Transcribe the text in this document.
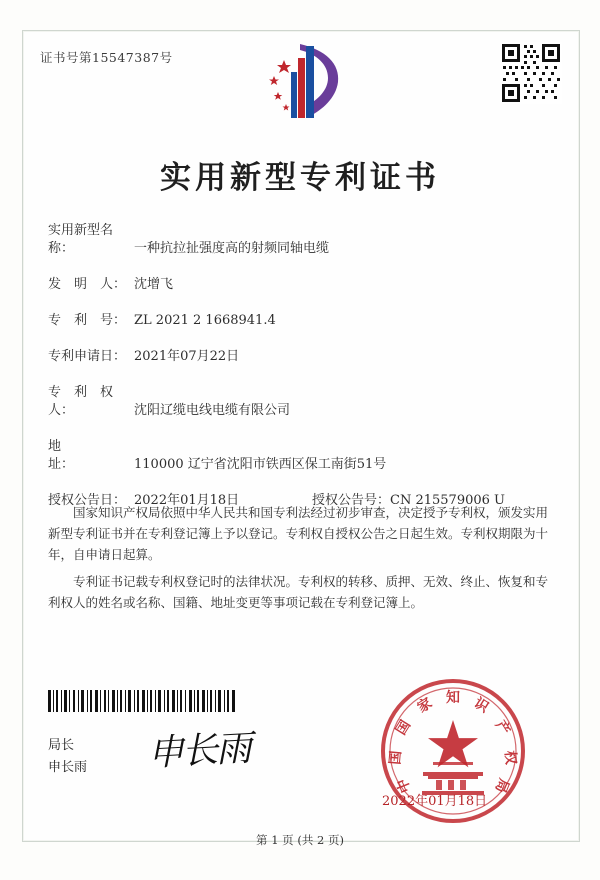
证书号第15547387号
实用新型专利证书
实用新型名称：	一种抗拉扯强度高的射频同轴电缆
发　明　人： 沈增飞
专　利　号： ZL 2021 2 1668941.4
专利申请日： 2021年07月22日
专　利　权　人：	沈阳辽缆电线电缆有限公司
地　　　　址：	110000 辽宁省沈阳市铁西区保工南街51号
授权公告日： 2022年01月18日	授权公告号：CN 215579006 U

国家知识产权局依照中华人民共和国专利法经过初步审查，决定授予专利权，颁发实用新型专利证书并在专利登记簿上予以登记。专利权自授权公告之日起生效。专利权期限为十年，自申请日起算。

专利证书记载专利权登记时的法律状况。专利权的转移、质押、无效、终止、恢复和专利权人的姓名或名称、国籍、地址变更等事项记载在专利登记簿上。

局长
申长雨 申长雨
知
家	识
国	产
国	权
中	局
2022年01月18日
第 1 页 (共 2 页)
